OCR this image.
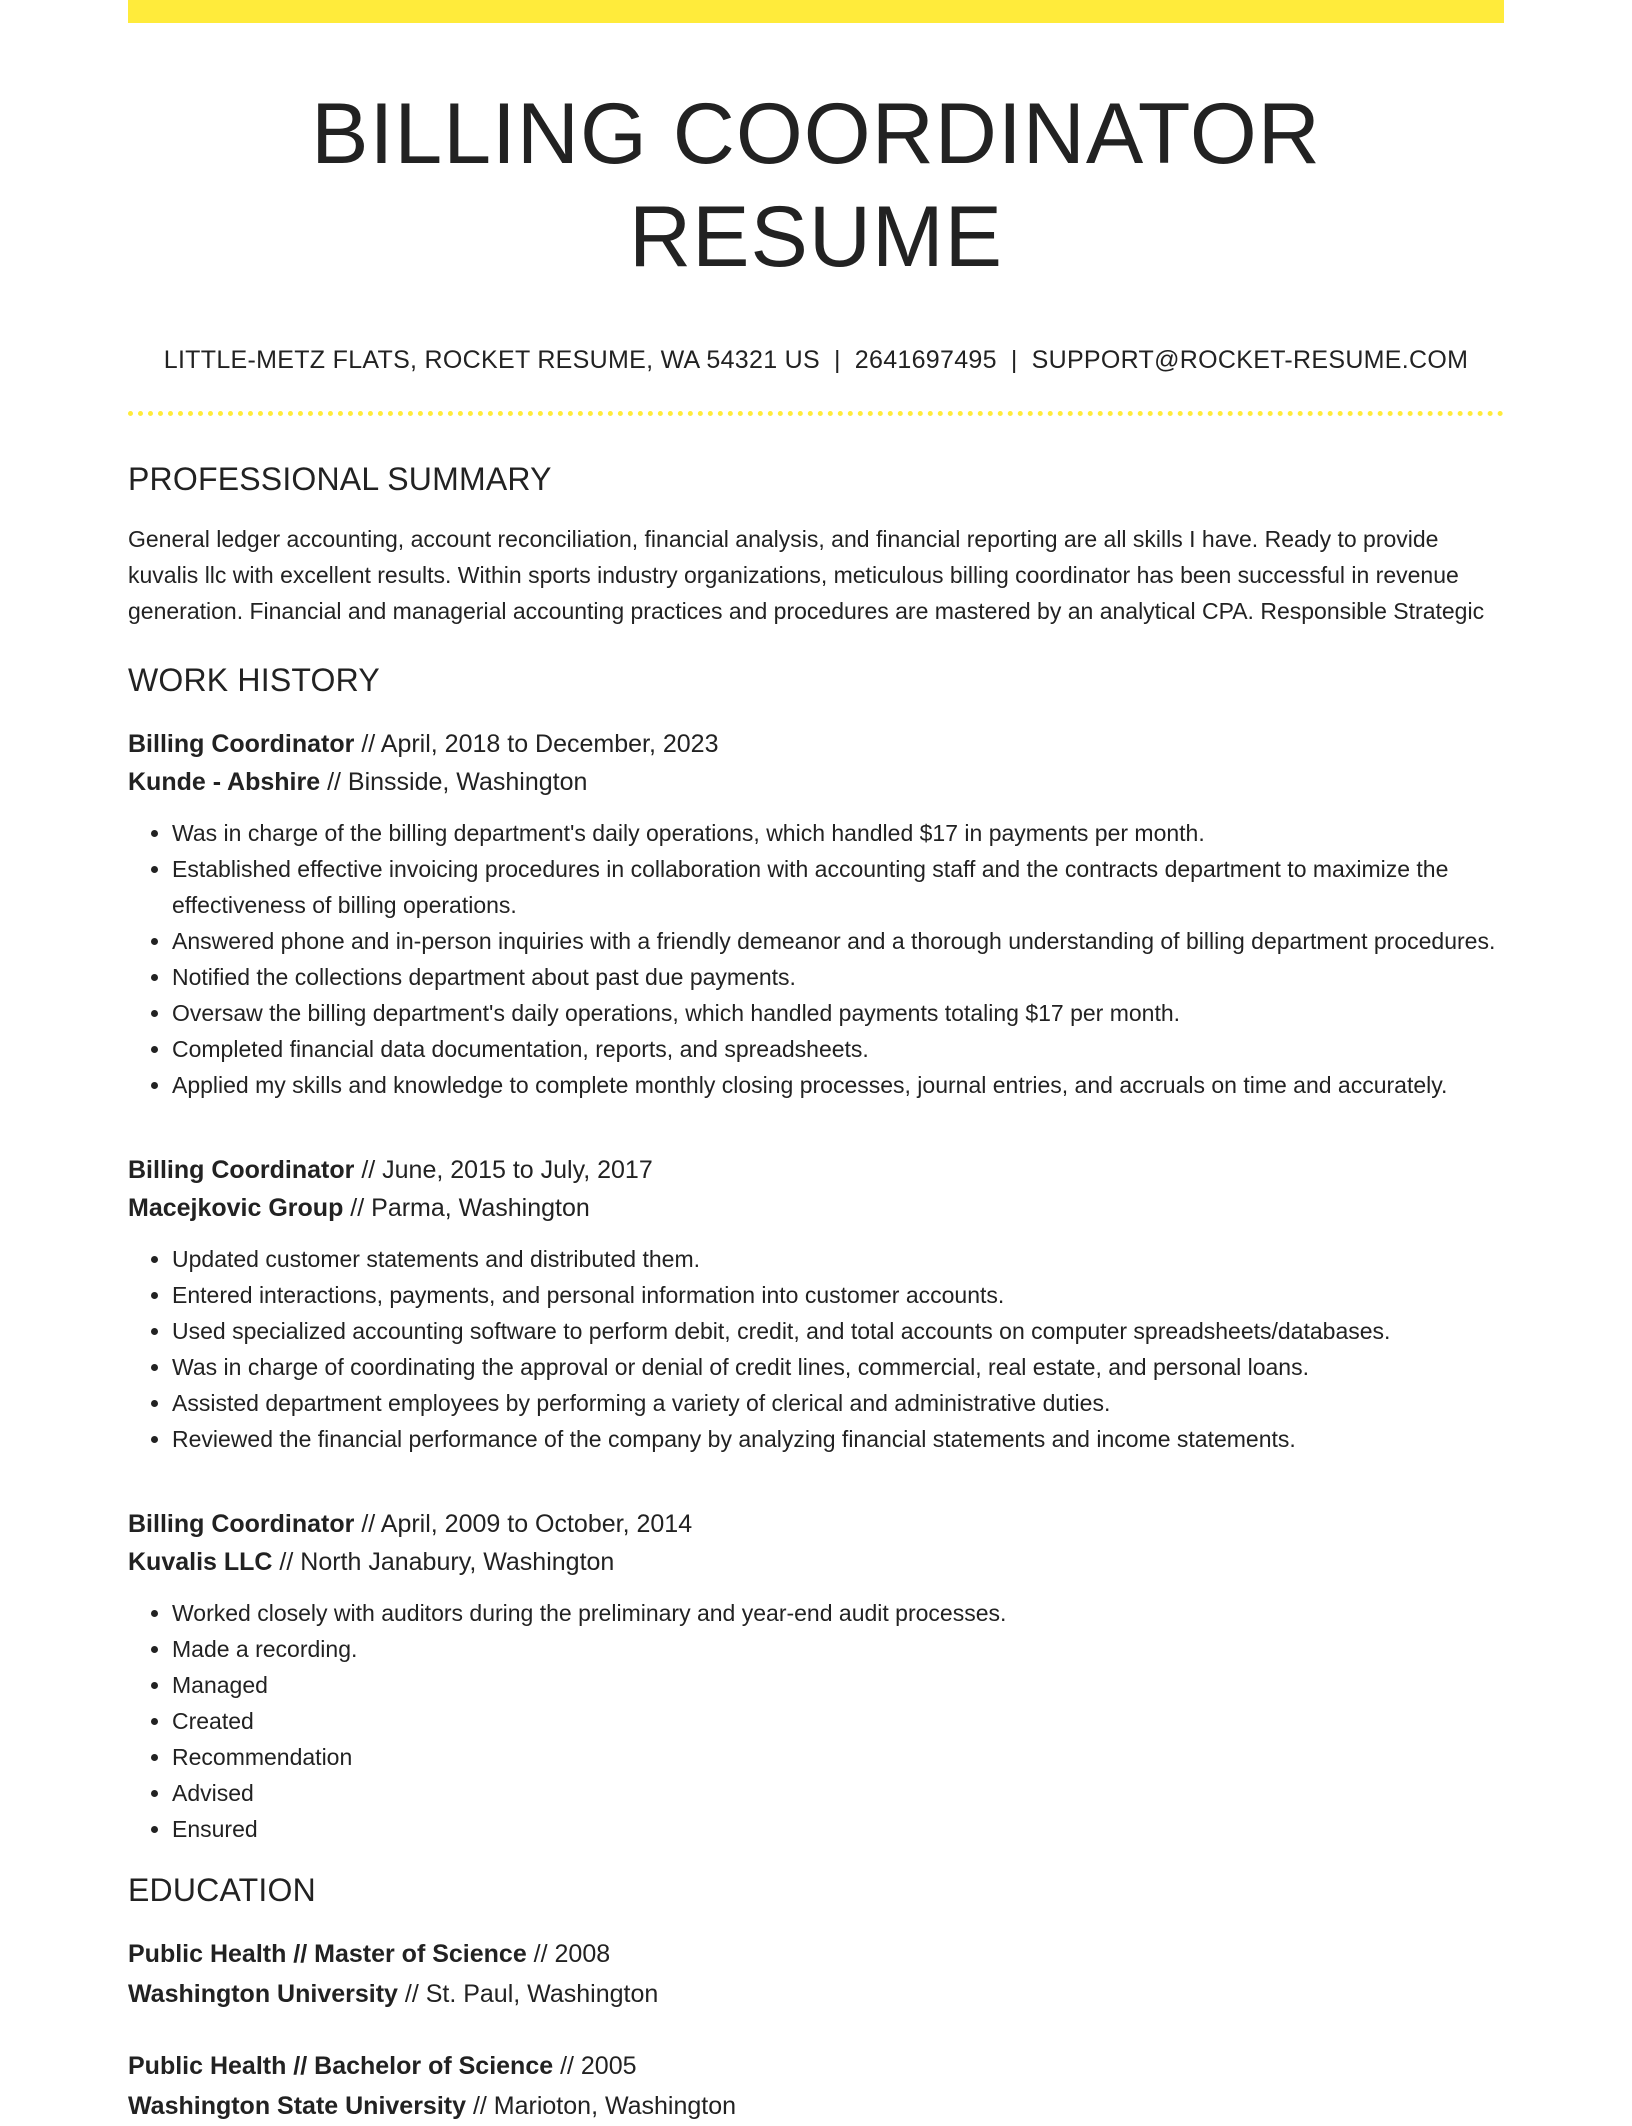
BILLING COORDINATOR RESUME
LITTLE-METZ FLATS, ROCKET RESUME, WA 54321 US | 2641697495 | SUPPORT@ROCKET-RESUME.COM
PROFESSIONAL SUMMARY

General ledger accounting, account reconciliation, financial analysis, and financial reporting are all skills I have. Ready to provide kuvalis llc with excellent results. Within sports industry organizations, meticulous billing coordinator has been successful in revenue generation. Financial and managerial accounting practices and procedures are mastered by an analytical CPA. Responsible Strategic

WORK HISTORY
Billing Coordinator // April, 2018 to December, 2023
Kunde - Abshire // Binsside, Washington
• Was in charge of the billing department's daily operations, which handled $17 in payments per month.
• Established effective invoicing procedures in collaboration with accounting staff and the contracts department to maximize the effectiveness of billing operations.
• Answered phone and in-person inquiries with a friendly demeanor and a thorough understanding of billing department procedures.
• Notified the collections department about past due payments.
• Oversaw the billing department's daily operations, which handled payments totaling $17 per month.
• Completed financial data documentation, reports, and spreadsheets.
• Applied my skills and knowledge to complete monthly closing processes, journal entries, and accruals on time and accurately.
Billing Coordinator // June, 2015 to July, 2017
Macejkovic Group // Parma, Washington
• Updated customer statements and distributed them.
• Entered interactions, payments, and personal information into customer accounts.
• Used specialized accounting software to perform debit, credit, and total accounts on computer spreadsheets/databases.
• Was in charge of coordinating the approval or denial of credit lines, commercial, real estate, and personal loans.
• Assisted department employees by performing a variety of clerical and administrative duties.
• Reviewed the financial performance of the company by analyzing financial statements and income statements.
Billing Coordinator // April, 2009 to October, 2014
Kuvalis LLC // North Janabury, Washington
• Worked closely with auditors during the preliminary and year-end audit processes.
• Made a recording.
• Managed
• Created
• Recommendation
• Advised
• Ensured
EDUCATION
Public Health // Master of Science // 2008
Washington University // St. Paul, Washington
Public Health // Bachelor of Science // 2005
Washington State University // Marioton, Washington
